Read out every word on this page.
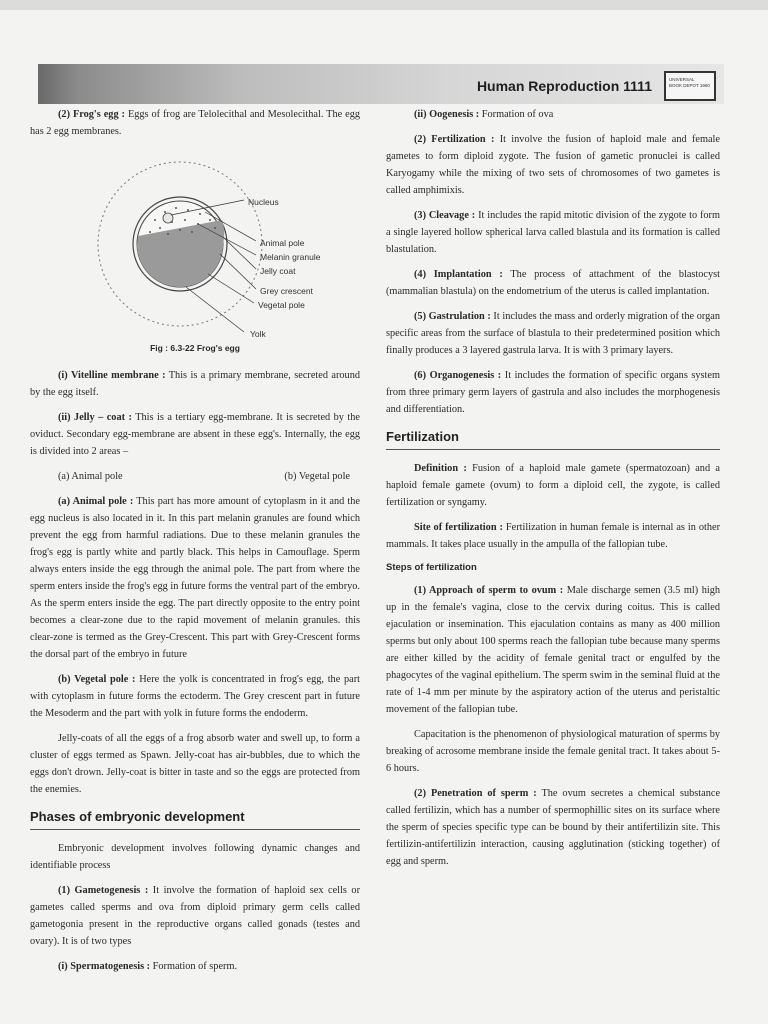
Human Reproduction 1111	UNIVERSAL
BOOK DEPOT 1960

(2) Frog's egg : Eggs of frog are Telolecithal and Mesolecithal. The egg has 2 egg membranes.

Nucleus
Animal pole
Melanin granule
Jelly coat
Grey crescent
Vegetal pole
Yolk
Fig : 6.3-22 Frog's egg

(i) Vitelline membrane : This is a primary membrane, secreted around by the egg itself.

(ii) Jelly – coat : This is a tertiary egg-membrane. It is secreted by the oviduct. Secondary egg-membrane are absent in these egg's. Internally, the egg is divided into 2 areas –

(a) Animal pole	(b) Vegetal pole

(a) Animal pole : This part has more amount of cytoplasm in it and the egg nucleus is also located in it. In this part melanin granules are found which prevent the egg from harmful radiations. Due to these melanin granules the frog's egg is partly white and partly black. This helps in Camouflage. Sperm always enters inside the egg through the animal pole. The part from where the sperm enters inside the frog's egg in future forms the ventral part of the embryo. As the sperm enters inside the egg. The part directly opposite to the entry point becomes a clear-zone due to the rapid movement of melanin granules. this clear-zone is termed as the Grey-Crescent. This part with Grey-Crescent forms the dorsal part of the embryo in future

(b) Vegetal pole : Here the yolk is concentrated in frog's egg, the part with cytoplasm in future forms the ectoderm. The Grey crescent part in future the Mesoderm and the part with yolk in future forms the endoderm.

Jelly-coats of all the eggs of a frog absorb water and swell up, to form a cluster of eggs termed as Spawn. Jelly-coat has air-bubbles, due to which the eggs don't drown. Jelly-coat is bitter in taste and so the eggs are protected from the enemies.

Phases of embryonic development

Embryonic development involves following dynamic changes and identifiable process

(1) Gametogenesis : It involve the formation of haploid sex cells or gametes called sperms and ova from diploid primary germ cells called gametogonia present in the reproductive organs called gonads (testes and ovary). It is of two types

(i) Spermatogenesis : Formation of sperm.

(ii) Oogenesis : Formation of ova

(2) Fertilization : It involve the fusion of haploid male and female gametes to form diploid zygote. The fusion of gametic pronuclei is called Karyogamy while the mixing of two sets of chromosomes of two gametes is called amphimixis.

(3) Cleavage : It includes the rapid mitotic division of the zygote to form a single layered hollow spherical larva called blastula and its formation is called blastulation.

(4) Implantation : The process of attachment of the blastocyst (mammalian blastula) on the endometrium of the uterus is called implantation.

(5) Gastrulation : It includes the mass and orderly migration of the organ specific areas from the surface of blastula to their predetermined position which finally produces a 3 layered gastrula larva. It is with 3 primary layers.

(6) Organogenesis : It includes the formation of specific organs system from three primary germ layers of gastrula and also includes the morphogenesis and differentiation.

Fertilization

Definition : Fusion of a haploid male gamete (spermatozoan) and a haploid female gamete (ovum) to form a diploid cell, the zygote, is called fertilization or syngamy.

Site of fertilization : Fertilization in human female is internal as in other mammals. It takes place usually in the ampulla of the fallopian tube.

Steps of fertilization

(1) Approach of sperm to ovum : Male discharge semen (3.5 ml) high up in the female's vagina, close to the cervix during coitus. This is called ejaculation or insemination. This ejaculation contains as many as 400 million sperms but only about 100 sperms reach the fallopian tube because many sperms are either killed by the acidity of female genital tract or engulfed by the phagocytes of the vaginal epithelium. The sperm swim in the seminal fluid at the rate of 1-4 mm per minute by the aspiratory action of the uterus and peristaltic movement of the fallopian tube.

Capacitation is the phenomenon of physiological maturation of sperms by breaking of acrosome membrane inside the female genital tract. It takes about 5-6 hours.

(2) Penetration of sperm : The ovum secretes a chemical substance called fertilizin, which has a number of spermophillic sites on its surface where the sperm of species specific type can be bound by their antifertilizin site. This fertilizin-antifertilizin interaction, causing agglutination (sticking together) of egg and sperm.
